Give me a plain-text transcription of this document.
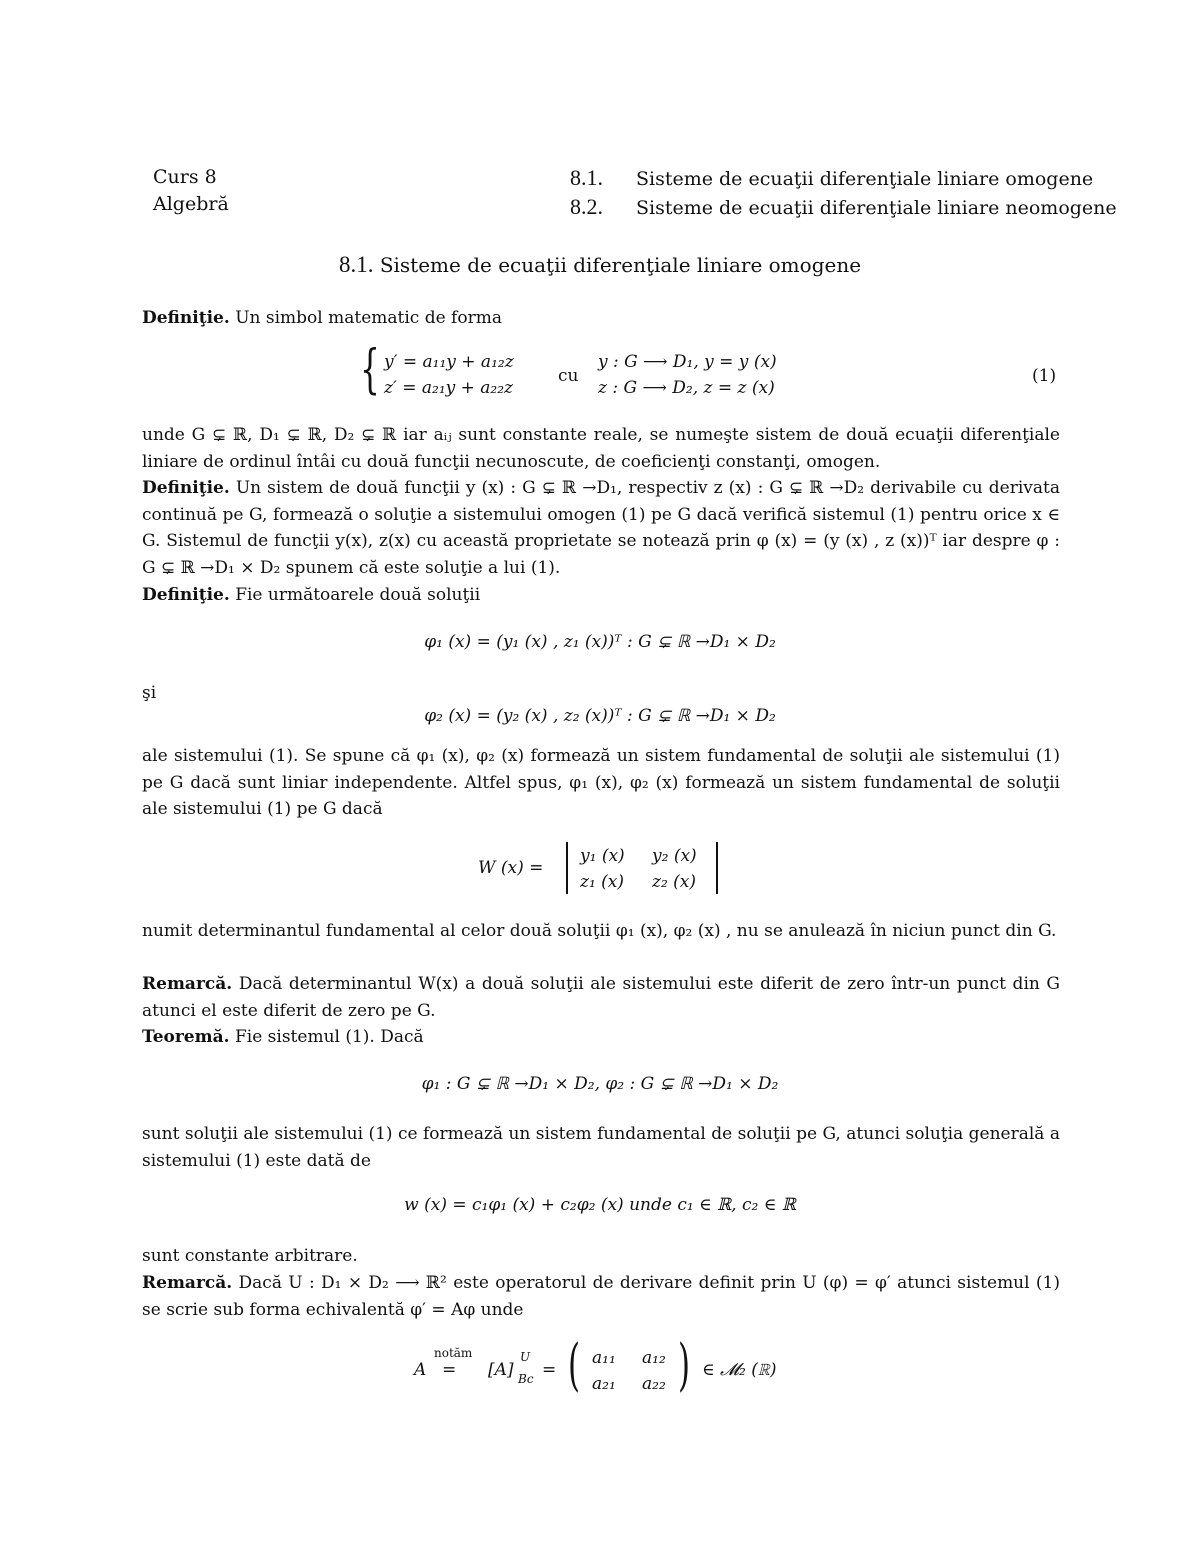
Curs 8
Algebră
8.1. Sisteme de ecuaţii diferenţiale liniare omogene
8.2. Sisteme de ecuaţii diferenţiale liniare neomogene
8.1. Sisteme de ecuaţii diferenţiale liniare omogene
Definiţie. Un simbol matematic de forma
{ y′ = a₁₁y + a₁₂z
z′ = a₂₁y + a₂₂z
cu
y : G ⟶ D₁, y = y (x)
z : G ⟶ D₂, z = z (x)
(1)
unde G ⊊ ℝ, D₁ ⊊ ℝ, D₂ ⊊ ℝ iar aᵢⱼ sunt constante reale, se numeşte sistem de două ecuaţii diferenţiale liniare de ordinul întâi cu două funcţii necunoscute, de coeficienţi constanţi, omogen.
Definiţie. Un sistem de două funcţii y (x) : G ⊊ ℝ →D₁, respectiv z (x) : G ⊊ ℝ →D₂ derivabile cu derivata continuă pe G, formează o soluţie a sistemului omogen (1) pe G dacă verifică sistemul (1) pentru orice x ∈ G. Sistemul de funcţii y(x), z(x) cu această proprietate se notează prin φ (x) = (y (x) , z (x))ᵀ iar despre φ : G ⊊ ℝ →D₁ × D₂ spunem că este soluţie a lui (1).
Definiţie. Fie următoarele două soluţii
φ₁ (x) = (y₁ (x) , z₁ (x))ᵀ : G ⊊ ℝ →D₁ × D₂
şi
φ₂ (x) = (y₂ (x) , z₂ (x))ᵀ : G ⊊ ℝ →D₁ × D₂
ale sistemului (1). Se spune că φ₁ (x), φ₂ (x) formează un sistem fundamental de soluţii ale sistemului (1) pe G dacă sunt liniar independente. Altfel spus, φ₁ (x), φ₂ (x) formează un sistem fundamental de soluţii ale sistemului (1) pe G dacă
W (x) =
y₁ (x) y₂ (x)
z₁ (x) z₂ (x)
numit determinantul fundamental al celor două soluţii φ₁ (x), φ₂ (x) , nu se anulează în niciun punct din G.
Remarcă. Dacă determinantul W(x) a două soluţii ale sistemului este diferit de zero într-un punct din G atunci el este diferit de zero pe G.
Teoremă. Fie sistemul (1). Dacă
φ₁ : G ⊊ ℝ →D₁ × D₂, φ₂ : G ⊊ ℝ →D₁ × D₂
sunt soluţii ale sistemului (1) ce formează un sistem fundamental de soluţii pe G, atunci soluţia generală a sistemului (1) este dată de
w (x) = c₁φ₁ (x) + c₂φ₂ (x) unde c₁ ∈ ℝ, c₂ ∈ ℝ
sunt constante arbitrare.
Remarcă. Dacă U : D₁ × D₂ ⟶ ℝ² este operatorul de derivare definit prin U (φ) = φ′ atunci sistemul (1) se scrie sub forma echivalentă φ′ = Aφ unde
A
notăm
= [A]
U
Bc = ( a₁₁ a₁₂
a₂₁ a₂₂ ) ∈ 𝓜₂ (ℝ)
